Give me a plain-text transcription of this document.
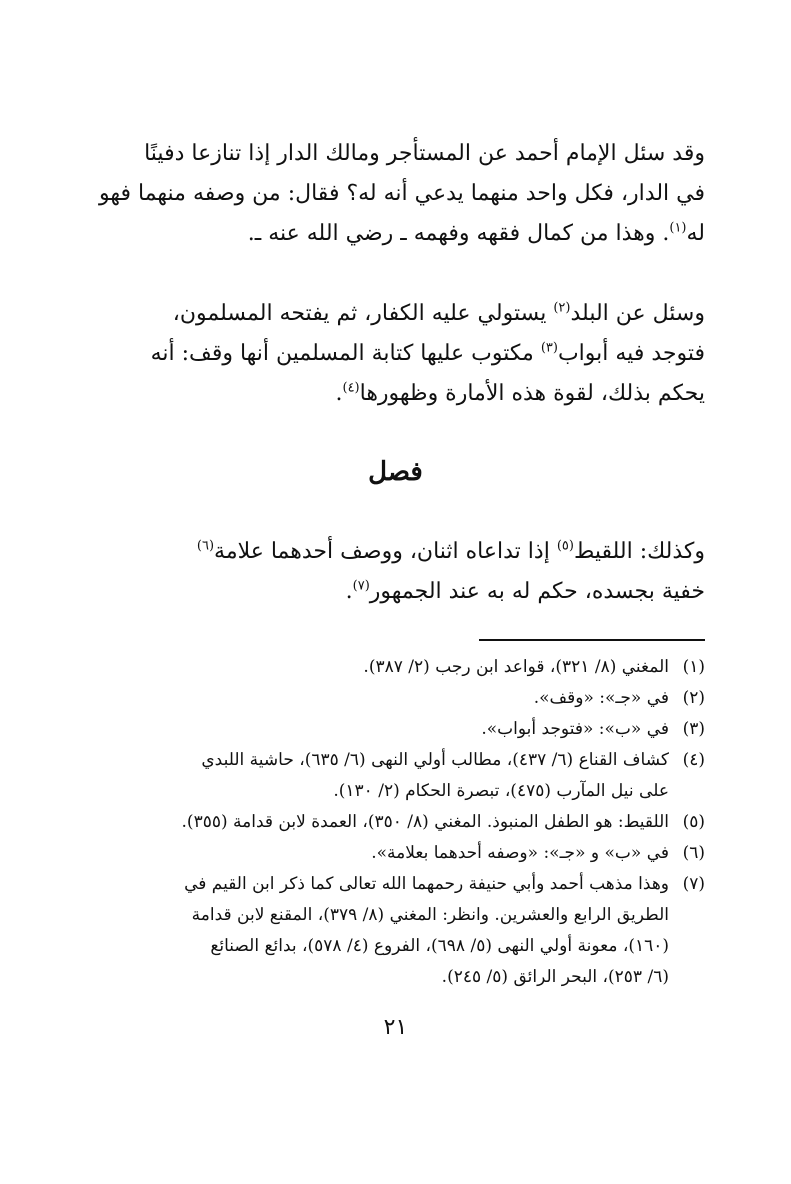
وقد سئل الإمام أحمد عن المستأجر ومالك الدار إذا تنازعا دفينًا
في الدار، فكل واحد منهما يدعي أنه له؟ فقال: من وصفه منهما فهو
له$^{(١)}$. وهذا من كمال فقهه وفهمه ـ رضي الله عنه ـ.
وسئل عن البلد$^{(٢)}$ يستولي عليه الكفار، ثم يفتحه المسلمون،
فتوجد فيه أبواب$^{(٣)}$ مكتوب عليها كتابة المسلمين أنها وقف: أنه
يحكم بذلك، لقوة هذه الأمارة وظهورها$^{(٤)}$.
فصل
وكذلك: اللقيط$^{(٥)}$ إذا تداعاه اثنان، ووصف أحدهما علامة$^{(٦)}$
خفية بجسده، حكم له به عند الجمهور$^{(٧)}$.
(١)
المغني (٨/ ٣٢١)، قواعد ابن رجب (٢/ ٣٨٧).
(٢)
في «جـ»: «وقف».
(٣)
في «ب»: «فتوجد أبواب».
(٤)
كشاف القناع (٦/ ٤٣٧)، مطالب أولي النهى (٦/ ٦٣٥)، حاشية اللبدي
على نيل المآرب (٤٧٥)، تبصرة الحكام (٢/ ١٣٠).
(٥)
اللقيط: هو الطفل المنبوذ. المغني (٨/ ٣٥٠)، العمدة لابن قدامة (٣٥٥).
(٦)
في «ب» و «جـ»: «وصفه أحدهما بعلامة».
(٧)
وهذا مذهب أحمد وأبي حنيفة رحمهما الله تعالى كما ذكر ابن القيم في
الطريق الرابع والعشرين. وانظر: المغني (٨/ ٣٧٩)، المقنع لابن قدامة
(١٦٠)، معونة أولي النهى (٥/ ٦٩٨)، الفروع (٤/ ٥٧٨)، بدائع الصنائع
(٦/ ٢٥٣)، البحر الرائق (٥/ ٢٤٥).
٢١
